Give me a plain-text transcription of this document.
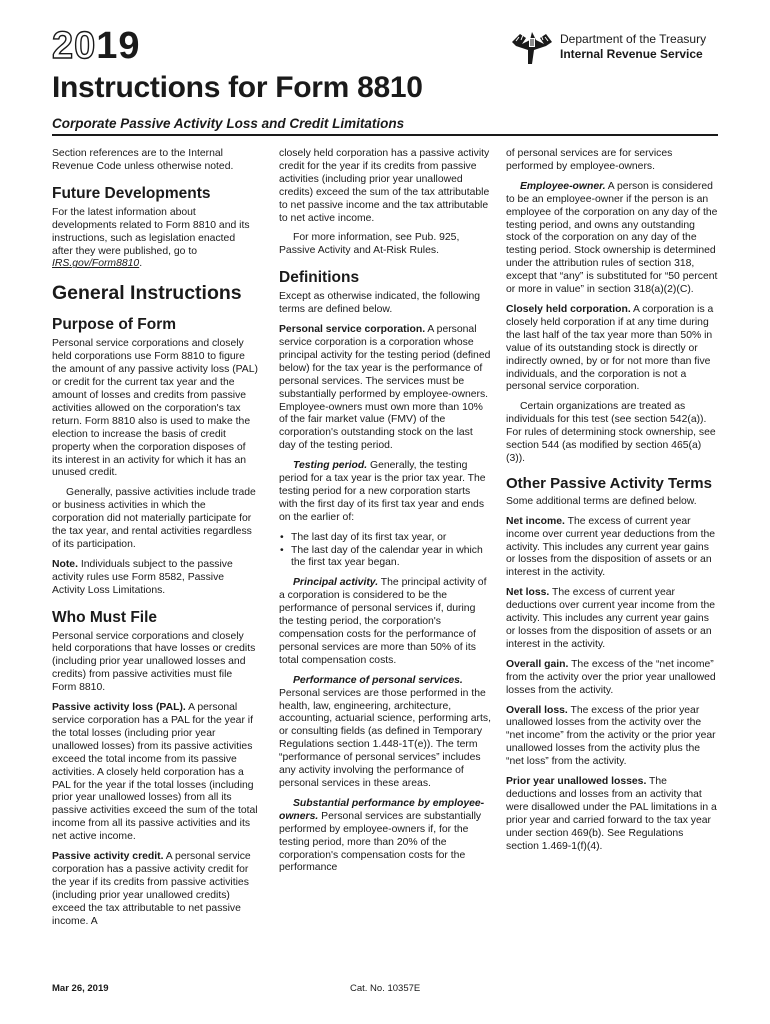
2019	Department of the Treasury
Internal Revenue Service
Instructions for Form 8810
Corporate Passive Activity Loss and Credit Limitations

Section references are to the Internal Revenue Code unless otherwise noted.

Future Developments

For the latest information about developments related to Form 8810 and its instructions, such as legislation enacted after they were published, go to IRS.gov/Form8810.

General Instructions
Purpose of Form

Personal service corporations and closely held corporations use Form 8810 to figure the amount of any passive activity loss (PAL) or credit for the current tax year and the amount of losses and credits from passive activities allowed on the corporation's tax return. Form 8810 also is used to make the election to increase the basis of credit property when the corporation disposes of its interest in an activity for which it has an unused credit.

Generally, passive activities include trade or business activities in which the corporation did not materially participate for the tax year, and rental activities regardless of its participation.

Note. Individuals subject to the passive activity rules use Form 8582, Passive Activity Loss Limitations.

Who Must File

Personal service corporations and closely held corporations that have losses or credits (including prior year unallowed losses and credits) from passive activities must file Form 8810.

Passive activity loss (PAL). A personal service corporation has a PAL for the year if the total losses (including prior year unallowed losses) from its passive activities exceed the total income from its passive activities. A closely held corporation has a PAL for the year if the total losses (including prior year unallowed losses) from all its passive activities exceed the sum of the total income from all its passive activities and its net active income.

Passive activity credit. A personal service corporation has a passive activity credit for the year if its credits from passive activities (including prior year unallowed credits) exceed the tax attributable to net passive income. A

closely held corporation has a passive activity credit for the year if its credits from passive activities (including prior year unallowed credits) exceed the sum of the tax attributable to net passive income and the tax attributable to net active income.

For more information, see Pub. 925, Passive Activity and At-Risk Rules.

Definitions

Except as otherwise indicated, the following terms are defined below.

Personal service corporation. A personal service corporation is a corporation whose principal activity for the testing period (defined below) for the tax year is the performance of personal services. The services must be substantially performed by employee-owners. Employee-owners must own more than 10% of the fair market value (FMV) of the corporation's outstanding stock on the last day of the testing period.

Testing period. Generally, the testing period for a tax year is the prior tax year. The testing period for a new corporation starts with the first day of its first tax year and ends on the earlier of:

• The last day of its first tax year, or
• The last day of the calendar year in which the first tax year began.

Principal activity. The principal activity of a corporation is considered to be the performance of personal services if, during the testing period, the corporation's compensation costs for the performance of personal services are more than 50% of its total compensation costs.

Performance of personal services. Personal services are those performed in the health, law, engineering, architecture, accounting, actuarial science, performing arts, or consulting fields (as defined in Temporary Regulations section 1.448-1T(e)). The term “performance of personal services” includes any activity involving the performance of personal services in these areas.

Substantial performance by employee-owners. Personal services are substantially performed by employee-owners if, for the testing period, more than 20% of the corporation's compensation costs for the performance

of personal services are for services performed by employee-owners.

Employee-owner. A person is considered to be an employee-owner if the person is an employee of the corporation on any day of the testing period, and owns any outstanding stock of the corporation on any day of the testing period. Stock ownership is determined under the attribution rules of section 318, except that “any” is substituted for “50 percent or more in value” in section 318(a)(2)(C).

Closely held corporation. A corporation is a closely held corporation if at any time during the last half of the tax year more than 50% in value of its outstanding stock is directly or indirectly owned, by or for not more than five individuals, and the corporation is not a personal service corporation.

Certain organizations are treated as individuals for this test (see section 542(a)). For rules of determining stock ownership, see section 544 (as modified by section 465(a)(3)).

Other Passive Activity Terms

Some additional terms are defined below.

Net income. The excess of current year income over current year deductions from the activity. This includes any current year gains or losses from the disposition of assets or an interest in the activity.

Net loss. The excess of current year deductions over current year income from the activity. This includes any current year gains or losses from the disposition of assets or an interest in the activity.

Overall gain. The excess of the “net income” from the activity over the prior year unallowed losses from the activity.

Overall loss. The excess of the prior year unallowed losses from the activity over the “net income” from the activity or the prior year unallowed losses from the activity plus the “net loss” from the activity.

Prior year unallowed losses. The deductions and losses from an activity that were disallowed under the PAL limitations in a prior year and carried forward to the tax year under section 469(b). See Regulations section 1.469-1(f)(4).

Mar 26, 2019	Cat. No. 10357E
